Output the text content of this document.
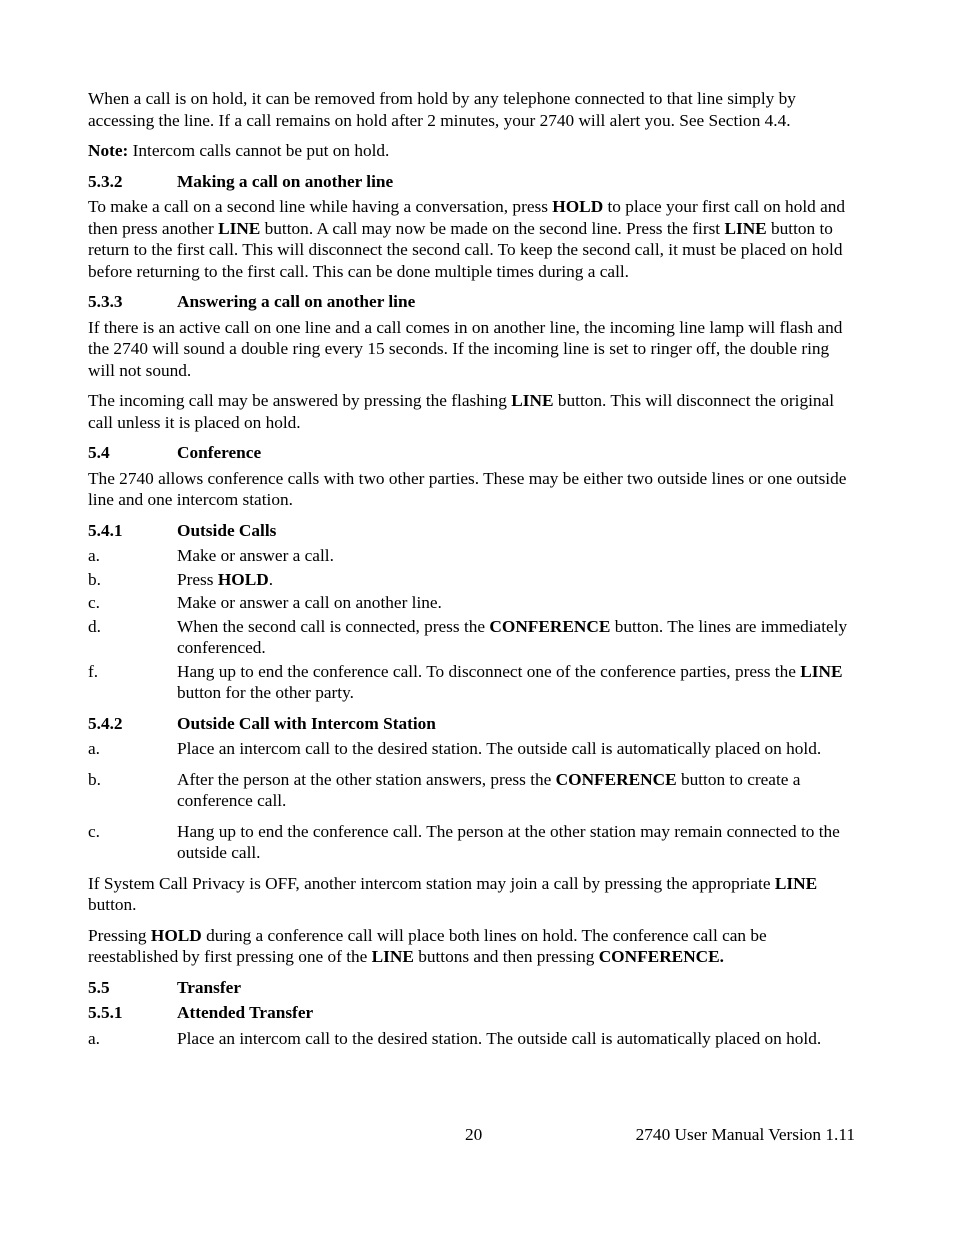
When a call is on hold, it can be removed from hold by any telephone connected to that line simply by accessing the line. If a call remains on hold after 2 minutes, your 2740 will alert you. See Section 4.4.

Note: Intercom calls cannot be put on hold.

5.3.2	Making a call on another line

To make a call on a second line while having a conversation, press HOLD to place your first call on hold and then press another LINE button. A call may now be made on the second line. Press the first LINE button to return to the first call. This will disconnect the second call. To keep the second call, it must be placed on hold before returning to the first call. This can be done multiple times during a call.

5.3.3	Answering a call on another line

If there is an active call on one line and a call comes in on another line, the incoming line lamp will flash and the 2740 will sound a double ring every 15 seconds. If the incoming line is set to ringer off, the double ring will not sound.

The incoming call may be answered by pressing the flashing LINE button. This will disconnect the original call unless it is placed on hold.

5.4	Conference

The 2740 allows conference calls with two other parties. These may be either two outside lines or one outside line and one intercom station.

5.4.1	Outside Calls
a.	Make or answer a call.
b.	Press HOLD.
c.	Make or answer a call on another line.
d.	When the second call is connected, press the CONFERENCE button. The lines are immediately conferenced.
f.	Hang up to end the conference call. To disconnect one of the conference parties, press the LINE button for the other party.
5.4.2	Outside Call with Intercom Station
a.	Place an intercom call to the desired station. The outside call is automatically placed on hold.
b.	After the person at the other station answers, press the CONFERENCE button to create a conference call.
c.	Hang up to end the conference call. The person at the other station may remain connected to the outside call.

If System Call Privacy is OFF, another intercom station may join a call by pressing the appropriate LINE button.

Pressing HOLD during a conference call will place both lines on hold. The conference call can be reestablished by first pressing one of the LINE buttons and then pressing CONFERENCE.

5.5	Transfer
5.5.1	Attended Transfer
a.	Place an intercom call to the desired station. The outside call is automatically placed on hold.
20	2740 User Manual Version 1.11
